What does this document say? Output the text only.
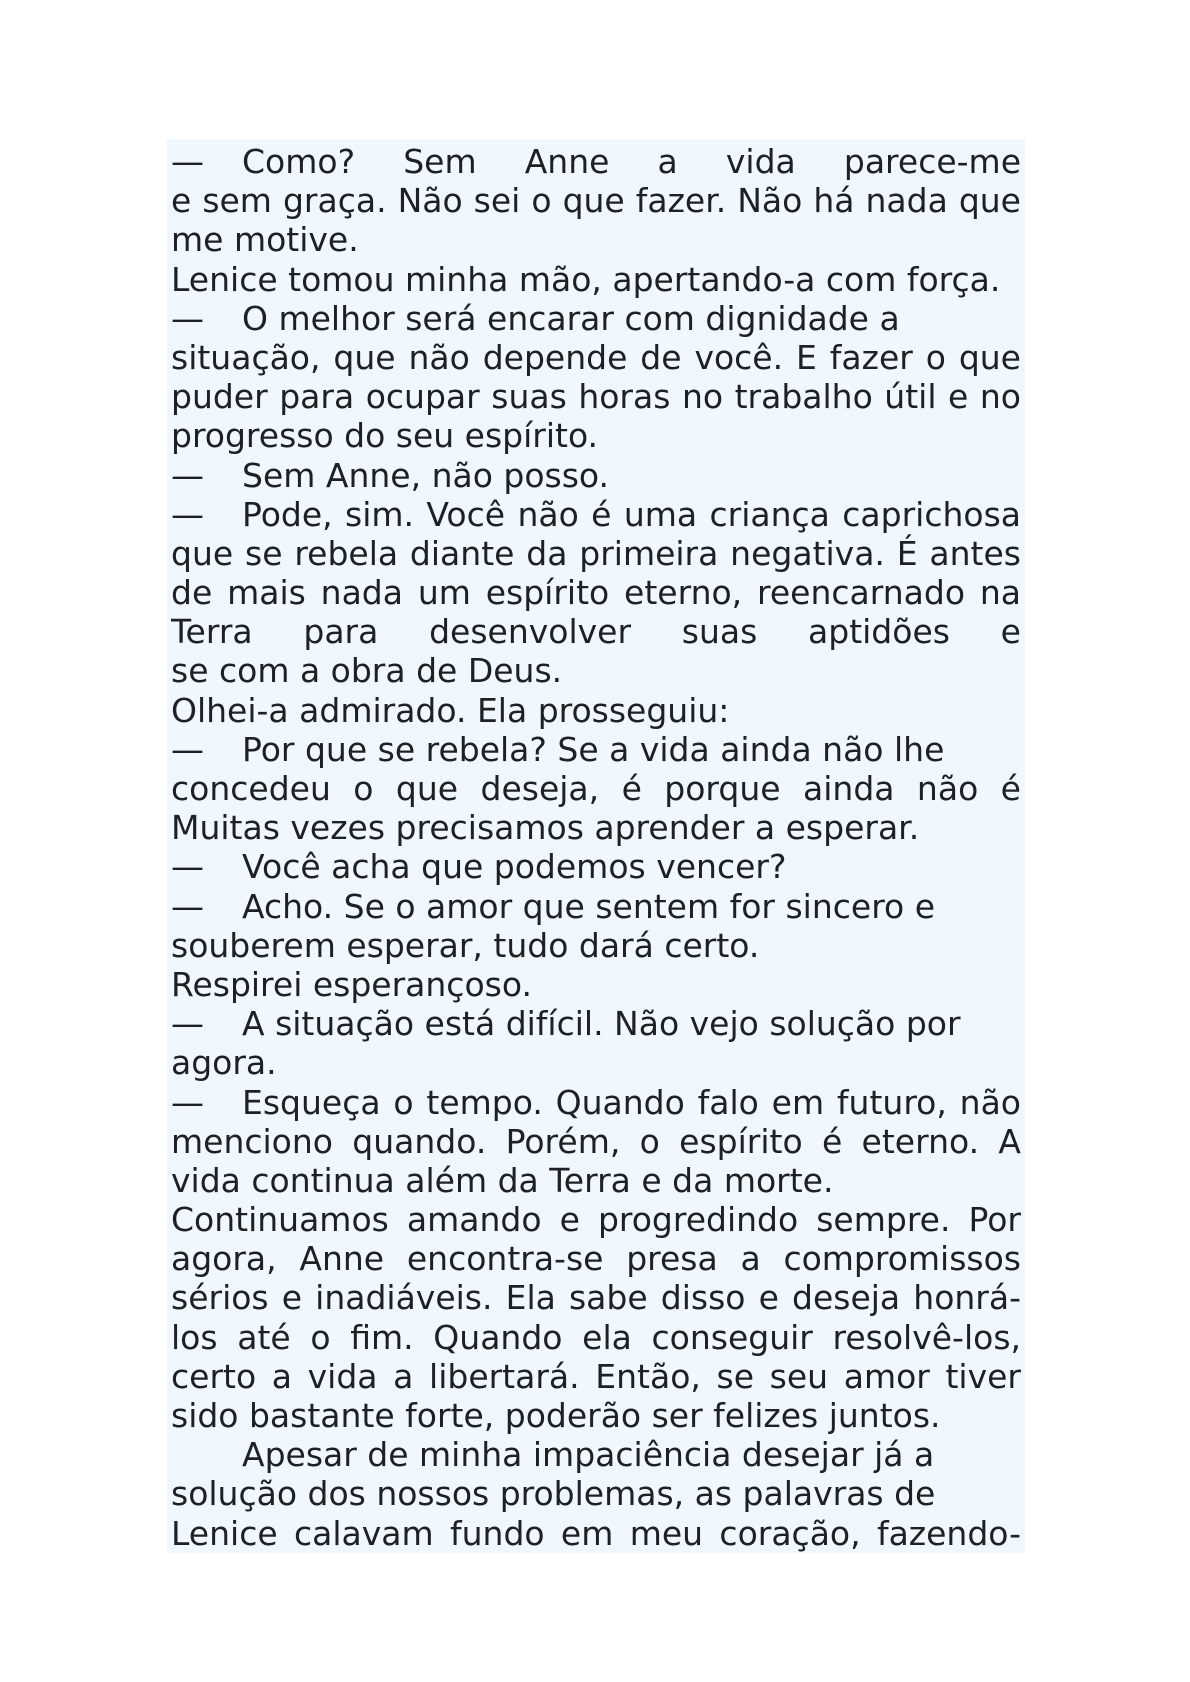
— Como? Sem Anne a vida parece-me
e sem graça. Não sei o que fazer. Não há nada que
me motive.
Lenice tomou minha mão, apertando-a com força.
— O melhor será encarar com dignidade a
situação, que não depende de você. E fazer o que
puder para ocupar suas horas no trabalho útil e no
progresso do seu espírito.
— Sem Anne, não posso.
— Pode, sim. Você não é uma criança caprichosa
que se rebela diante da primeira negativa. É antes
de mais nada um espírito eterno, reencarnado na
Terra para desenvolver suas aptidões e
se com a obra de Deus.
Olhei-a admirado. Ela prosseguiu:
— Por que se rebela? Se a vida ainda não lhe
concedeu o que deseja, é porque ainda não é
Muitas vezes precisamos aprender a esperar.
— Você acha que podemos vencer?
— Acho. Se o amor que sentem for sincero e
souberem esperar, tudo dará certo.
Respirei esperançoso.
— A situação está difícil. Não vejo solução por
agora.
— Esqueça o tempo. Quando falo em futuro, não
menciono quando. Porém, o espírito é eterno. A
vida continua além da Terra e da morte.
Continuamos amando e progredindo sempre. Por
agora, Anne encontra-se presa a compromissos
sérios e inadiáveis. Ela sabe disso e deseja honrá-
los até o fim. Quando ela conseguir resolvê-los,
certo a vida a libertará. Então, se seu amor tiver
sido bastante forte, poderão ser felizes juntos.
Apesar de minha impaciência desejar já a
solução dos nossos problemas, as palavras de
Lenice calavam fundo em meu coração, fazendo-
